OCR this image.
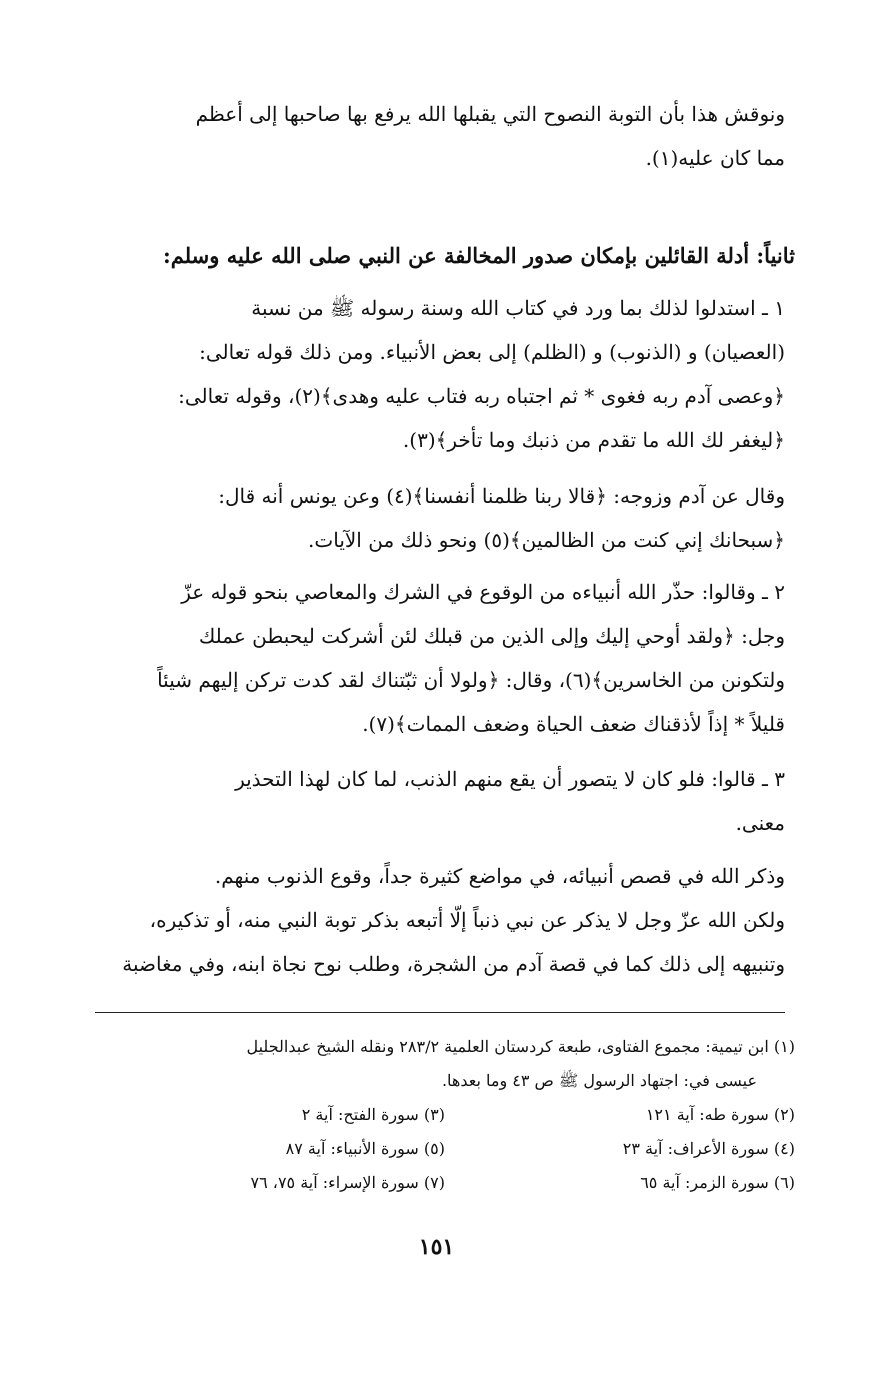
ونوقش هذا بأن التوبة النصوح التي يقبلها الله يرفع بها صاحبها إلى أعظم

مما كان عليه(١).

ثانياً: أدلة القائلين بإمكان صدور المخالفة عن النبي صلى الله عليه وسلم:

١ ـ استدلوا لذلك بما ورد في كتاب الله وسنة رسوله ﷺ من نسبة

(العصيان) و (الذنوب) و (الظلم) إلى بعض الأنبياء. ومن ذلك قوله تعالى:

﴿وعصى آدم ربه فغوى * ثم اجتباه ربه فتاب عليه وهدى﴾(٢)، وقوله تعالى:

﴿ليغفر لك الله ما تقدم من ذنبك وما تأخر﴾(٣).

وقال عن آدم وزوجه: ﴿قالا ربنا ظلمنا أنفسنا﴾(٤) وعن يونس أنه قال:

﴿سبحانك إني كنت من الظالمين﴾(٥) ونحو ذلك من الآيات.

٢ ـ وقالوا: حذّر الله أنبياءه من الوقوع في الشرك والمعاصي بنحو قوله عزّ

وجل: ﴿ولقد أوحي إليك وإلى الذين من قبلك لئن أشركت ليحبطن عملك

ولتكونن من الخاسرين﴾(٦)، وقال: ﴿ولولا أن ثبّتناك لقد كدت تركن إليهم شيئاً

قليلاً * إذاً لأذقناك ضعف الحياة وضعف الممات﴾(٧).

٣ ـ قالوا: فلو كان لا يتصور أن يقع منهم الذنب، لما كان لهذا التحذير

معنى.

وذكر الله في قصص أنبيائه، في مواضع كثيرة جداً، وقوع الذنوب منهم.

ولكن الله عزّ وجل لا يذكر عن نبي ذنباً إلّا أتبعه بذكر توبة النبي منه، أو تذكيره،

وتنبيهه إلى ذلك كما في قصة آدم من الشجرة، وطلب نوح نجاة ابنه، وفي مغاضبة

(١) ابن تيمية: مجموع الفتاوى، طبعة كردستان العلمية ٢٨٣/٢ ونقله الشيخ عبدالجليل
عيسى في: اجتهاد الرسول ﷺ ص ٤٣ وما بعدها.
(٢) سورة طه: آية ١٢١
(٣) سورة الفتح: آية ٢
(٤) سورة الأعراف: آية ٢٣
(٥) سورة الأنبياء: آية ٨٧
(٦) سورة الزمر: آية ٦٥
(٧) سورة الإسراء: آية ٧٥، ٧٦
١٥١
